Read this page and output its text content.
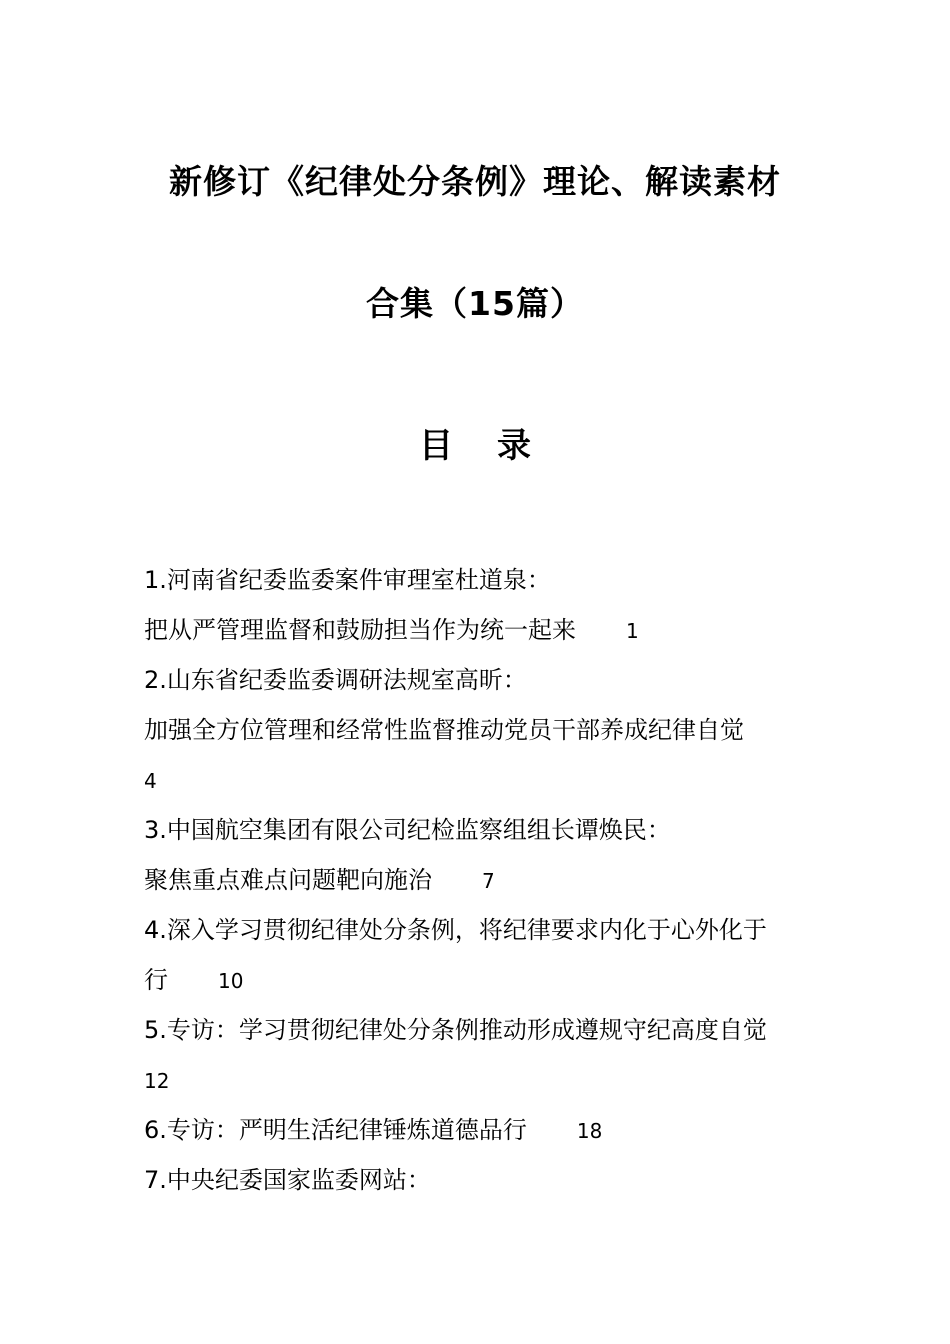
新修订《纪律处分条例》理论、解读素材
合集（15篇）
目 录
1.河南省纪委监委案件审理室杜道泉：
把从严管理监督和鼓励担当作为统一起来	1
2.山东省纪委监委调研法规室高昕：
加强全方位管理和经常性监督推动党员干部养成纪律自觉
4
3.中国航空集团有限公司纪检监察组组长谭焕民：
聚焦重点难点问题靶向施治	7
4.深入学习贯彻纪律处分条例，将纪律要求内化于心外化于
行	10
5.专访：学习贯彻纪律处分条例推动形成遵规守纪高度自觉
12
6.专访：严明生活纪律锤炼道德品行	18
7.中央纪委国家监委网站：
